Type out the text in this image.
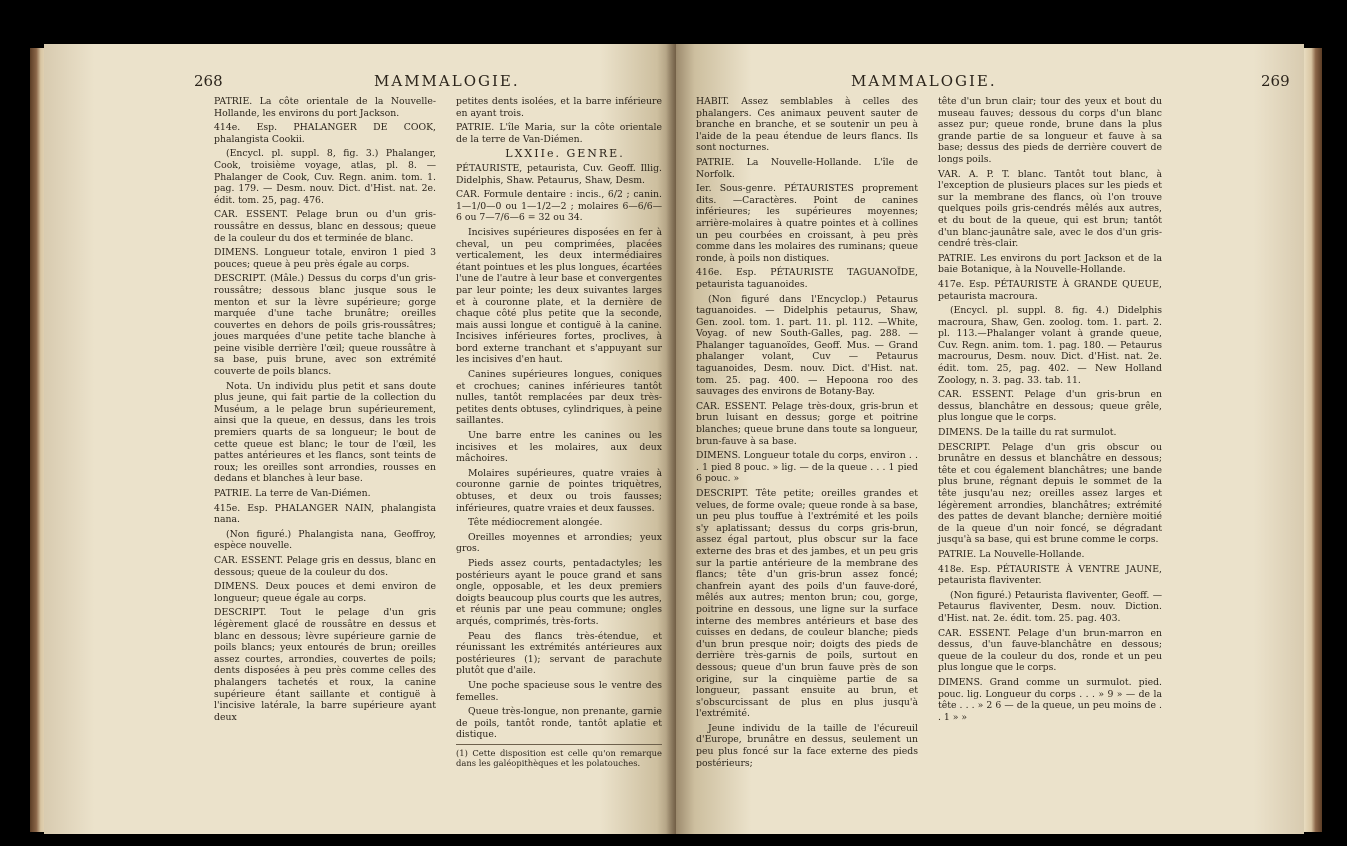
268	MAMMALOGIE.

PATRIE. La côte orientale de la Nouvelle-Hollande, les environs du port Jackson.

414e. Esp. PHALANGER DE COOK, phalangista Cookii.

(Encycl. pl. suppl. 8, fig. 3.) Phalanger, Cook, troisième voyage, atlas, pl. 8. — Phalanger de Cook, Cuv. Regn. anim. tom. 1. pag. 179. — Desm. nouv. Dict. d'Hist. nat. 2e. édit. tom. 25, pag. 476.

CAR. ESSENT. Pelage brun ou d'un gris-roussâtre en dessus, blanc en dessous; queue de la couleur du dos et terminée de blanc.

DIMENS. Longueur totale, environ 1 pied 3 pouces; queue à peu près égale au corps.

DESCRIPT. (Mâle.) Dessus du corps d'un gris-roussâtre; dessous blanc jusque sous le menton et sur la lèvre supérieure; gorge marquée d'une tache brunâtre; oreilles couvertes en dehors de poils gris-roussâtres; joues marquées d'une petite tache blanche à peine visible derrière l'œil; queue roussâtre à sa base, puis brune, avec son extrémité couverte de poils blancs.

Nota. Un individu plus petit et sans doute plus jeune, qui fait partie de la collection du Muséum, a le pelage brun supérieurement, ainsi que la queue, en dessus, dans les trois premiers quarts de sa longueur; le bout de cette queue est blanc; le tour de l'œil, les pattes antérieures et les flancs, sont teints de roux; les oreilles sont arrondies, rousses en dedans et blanches à leur base.

PATRIE. La terre de Van-Diémen.

415e. Esp. PHALANGER NAIN, phalangista nana.

(Non figuré.) Phalangista nana, Geoffroy, espèce nouvelle.

CAR. ESSENT. Pelage gris en dessus, blanc en dessous; queue de la couleur du dos.

DIMENS. Deux pouces et demi environ de longueur; queue égale au corps.

DESCRIPT. Tout le pelage d'un gris légèrement glacé de roussâtre en dessus et blanc en dessous; lèvre supérieure garnie de poils blancs; yeux entourés de brun; oreilles assez courtes, arrondies, couvertes de poils; dents disposées à peu près comme celles des phalangers tachetés et roux, la canine supérieure étant saillante et contiguë à l'incisive latérale, la barre supérieure ayant deux

petites dents isolées, et la barre inférieure en ayant trois.

PATRIE. L'île Maria, sur la côte orientale de la terre de Van-Diémen.

LXXIIe. GENRE.

PÉTAURISTE, petaurista, Cuv. Geoff. Illig. Didelphis, Shaw. Petaurus, Shaw, Desm.

CAR. Formule dentaire : incis., 6/2 ; canin. 1—1/0—0 ou 1—1/2—2 ; molaires 6—6/6—6 ou 7—7/6—6 = 32 ou 34.

Incisives supérieures disposées en fer à cheval, un peu comprimées, placées verticalement, les deux intermédiaires étant pointues et les plus longues, écartées l'une de l'autre à leur base et convergentes par leur pointe; les deux suivantes larges et à couronne plate, et la dernière de chaque côté plus petite que la seconde, mais aussi longue et contiguë à la canine. Incisives inférieures fortes, proclives, à bord externe tranchant et s'appuyant sur les incisives d'en haut.

Canines supérieures longues, coniques et crochues; canines inférieures tantôt nulles, tantôt remplacées par deux très-petites dents obtuses, cylindriques, à peine saillantes.

Une barre entre les canines ou les incisives et les molaires, aux deux mâchoires.

Molaires supérieures, quatre vraies à couronne garnie de pointes triquètres, obtuses, et deux ou trois fausses; inférieures, quatre vraies et deux fausses.

Tête médiocrement alongée.

Oreilles moyennes et arrondies; yeux gros.

Pieds assez courts, pentadactyles; les postérieurs ayant le pouce grand et sans ongle, opposable, et les deux premiers doigts beaucoup plus courts que les autres, et réunis par une peau commune; ongles arqués, comprimés, très-forts.

Peau des flancs très-étendue, et réunissant les extrémités antérieures aux postérieures (1); servant de parachute plutôt que d'aile.

Une poche spacieuse sous le ventre des femelles.

Queue très-longue, non prenante, garnie de poils, tantôt ronde, tantôt aplatie et distique.

(1) Cette disposition est celle qu'on remarque dans les galéopithèques et les polatouches.

MAMMALOGIE.	269

HABIT. Assez semblables à celles des phalangers. Ces animaux peuvent sauter de branche en branche, et se soutenir un peu à l'aide de la peau étendue de leurs flancs. Ils sont nocturnes.

PATRIE. La Nouvelle-Hollande. L'île de Norfolk.

Ier. Sous-genre. PÉTAURISTES proprement dits. —Caractères. Point de canines inférieures; les supérieures moyennes; arrière-molaires à quatre pointes et à collines un peu courbées en croissant, à peu près comme dans les molaires des ruminans; queue ronde, à poils non distiques.

416e. Esp. PÉTAURISTE TAGUANOÏDE, petaurista taguanoides.

(Non figuré dans l'Encyclop.) Petaurus taguanoides. — Didelphis petaurus, Shaw, Gen. zool. tom. 1. part. 11. pl. 112. —White, Voyag. of new South-Galles, pag. 288. — Phalanger taguanoïdes, Geoff. Mus. — Grand phalanger volant, Cuv — Petaurus taguanoides, Desm. nouv. Dict. d'Hist. nat. tom. 25. pag. 400. — Hepoona roo des sauvages des environs de Botany-Bay.

CAR. ESSENT. Pelage très-doux, gris-brun et brun luisant en dessus; gorge et poitrine blanches; queue brune dans toute sa longueur, brun-fauve à sa base.

DIMENS. Longueur totale du corps, environ . . . 1 pied 8 pouc. » lig. — de la queue . . . 1 pied 6 pouc. »

DESCRIPT. Tête petite; oreilles grandes et velues, de forme ovale; queue ronde à sa base, un peu plus touffue à l'extrémité et les poils s'y aplatissant; dessus du corps gris-brun, assez égal partout, plus obscur sur la face externe des bras et des jambes, et un peu gris sur la partie antérieure de la membrane des flancs; tête d'un gris-brun assez foncé; chanfrein ayant des poils d'un fauve-doré, mêlés aux autres; menton brun; cou, gorge, poitrine en dessous, une ligne sur la surface interne des membres antérieurs et base des cuisses en dedans, de couleur blanche; pieds d'un brun presque noir; doigts des pieds de derrière très-garnis de poils, surtout en dessous; queue d'un brun fauve près de son origine, sur la cinquième partie de sa longueur, passant ensuite au brun, et s'obscurcissant de plus en plus jusqu'à l'extrémité.

Jeune individu de la taille de l'écureuil d'Europe, brunâtre en dessus, seulement un peu plus foncé sur la face externe des pieds postérieurs;

tête d'un brun clair; tour des yeux et bout du museau fauves; dessous du corps d'un blanc assez pur; queue ronde, brune dans la plus grande partie de sa longueur et fauve à sa base; dessus des pieds de derrière couvert de longs poils.

VAR. A. P. T. blanc. Tantôt tout blanc, à l'exception de plusieurs places sur les pieds et sur la membrane des flancs, où l'on trouve quelques poils gris-cendrés mêlés aux autres, et du bout de la queue, qui est brun; tantôt d'un blanc-jaunâtre sale, avec le dos d'un gris-cendré très-clair.

PATRIE. Les environs du port Jackson et de la baie Botanique, à la Nouvelle-Hollande.

417e. Esp. PÉTAURISTE À GRANDE QUEUE, petaurista macroura.

(Encycl. pl. suppl. 8. fig. 4.) Didelphis macroura, Shaw, Gen. zoolog. tom. 1. part. 2. pl. 113.—Phalanger volant à grande queue, Cuv. Regn. anim. tom. 1. pag. 180. — Petaurus macrourus, Desm. nouv. Dict. d'Hist. nat. 2e. édit. tom. 25, pag. 402. — New Holland Zoology, n. 3. pag. 33. tab. 11.

CAR. ESSENT. Pelage d'un gris-brun en dessus, blanchâtre en dessous; queue grêle, plus longue que le corps.

DIMENS. De la taille du rat surmulot.

DESCRIPT. Pelage d'un gris obscur ou brunâtre en dessus et blanchâtre en dessous; tête et cou également blanchâtres; une bande plus brune, régnant depuis le sommet de la tête jusqu'au nez; oreilles assez larges et légèrement arrondies, blanchâtres; extrémité des pattes de devant blanche; dernière moitié de la queue d'un noir foncé, se dégradant jusqu'à sa base, qui est brune comme le corps.

PATRIE. La Nouvelle-Hollande.

418e. Esp. PÉTAURISTE À VENTRE JAUNE, petaurista flaviventer.

(Non figuré.) Petaurista flaviventer, Geoff. — Petaurus flaviventer, Desm. nouv. Diction. d'Hist. nat. 2e. édit. tom. 25. pag. 403.

CAR. ESSENT. Pelage d'un brun-marron en dessus, d'un fauve-blanchâtre en dessous; queue de la couleur du dos, ronde et un peu plus longue que le corps.

DIMENS. Grand comme un surmulot. pied. pouc. lig. Longueur du corps . . . » 9 » — de la tête . . . » 2 6 — de la queue, un peu moins de . . 1 » »
